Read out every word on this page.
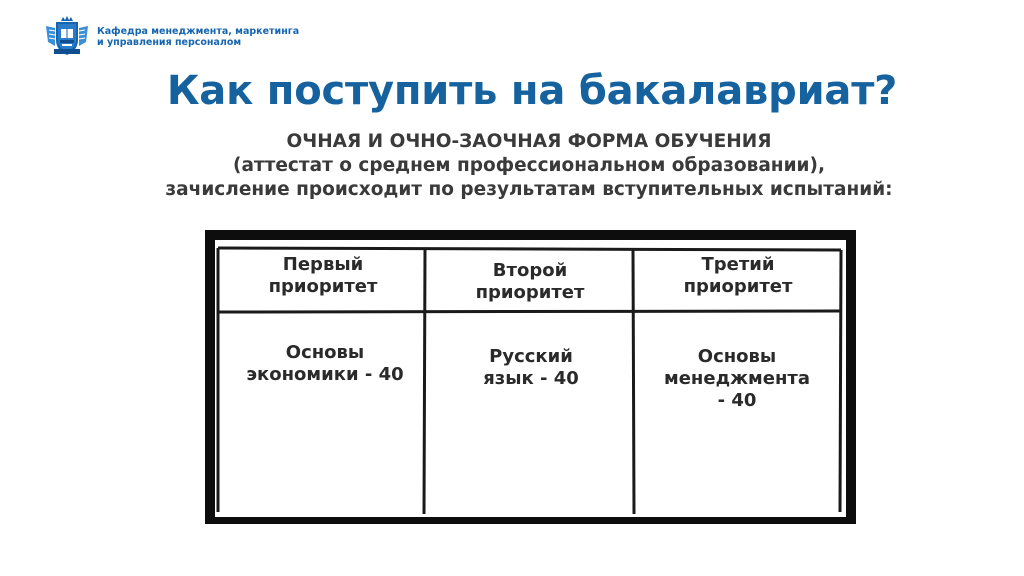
Кафедра менеджмента, маркетинга
и управления персоналом
Как поступить на бакалавриат?
ОЧНАЯ И ОЧНО-ЗАОЧНАЯ ФОРМА ОБУЧЕНИЯ
(аттестат о среднем профессиональном образовании),
зачисление происходит по результатам вступительных испытаний:
Первый
приоритет
Второй
приоритет
Третий
приоритет
Основы
экономики - 40
Русский
язык - 40
Основы
менеджмента
- 40
